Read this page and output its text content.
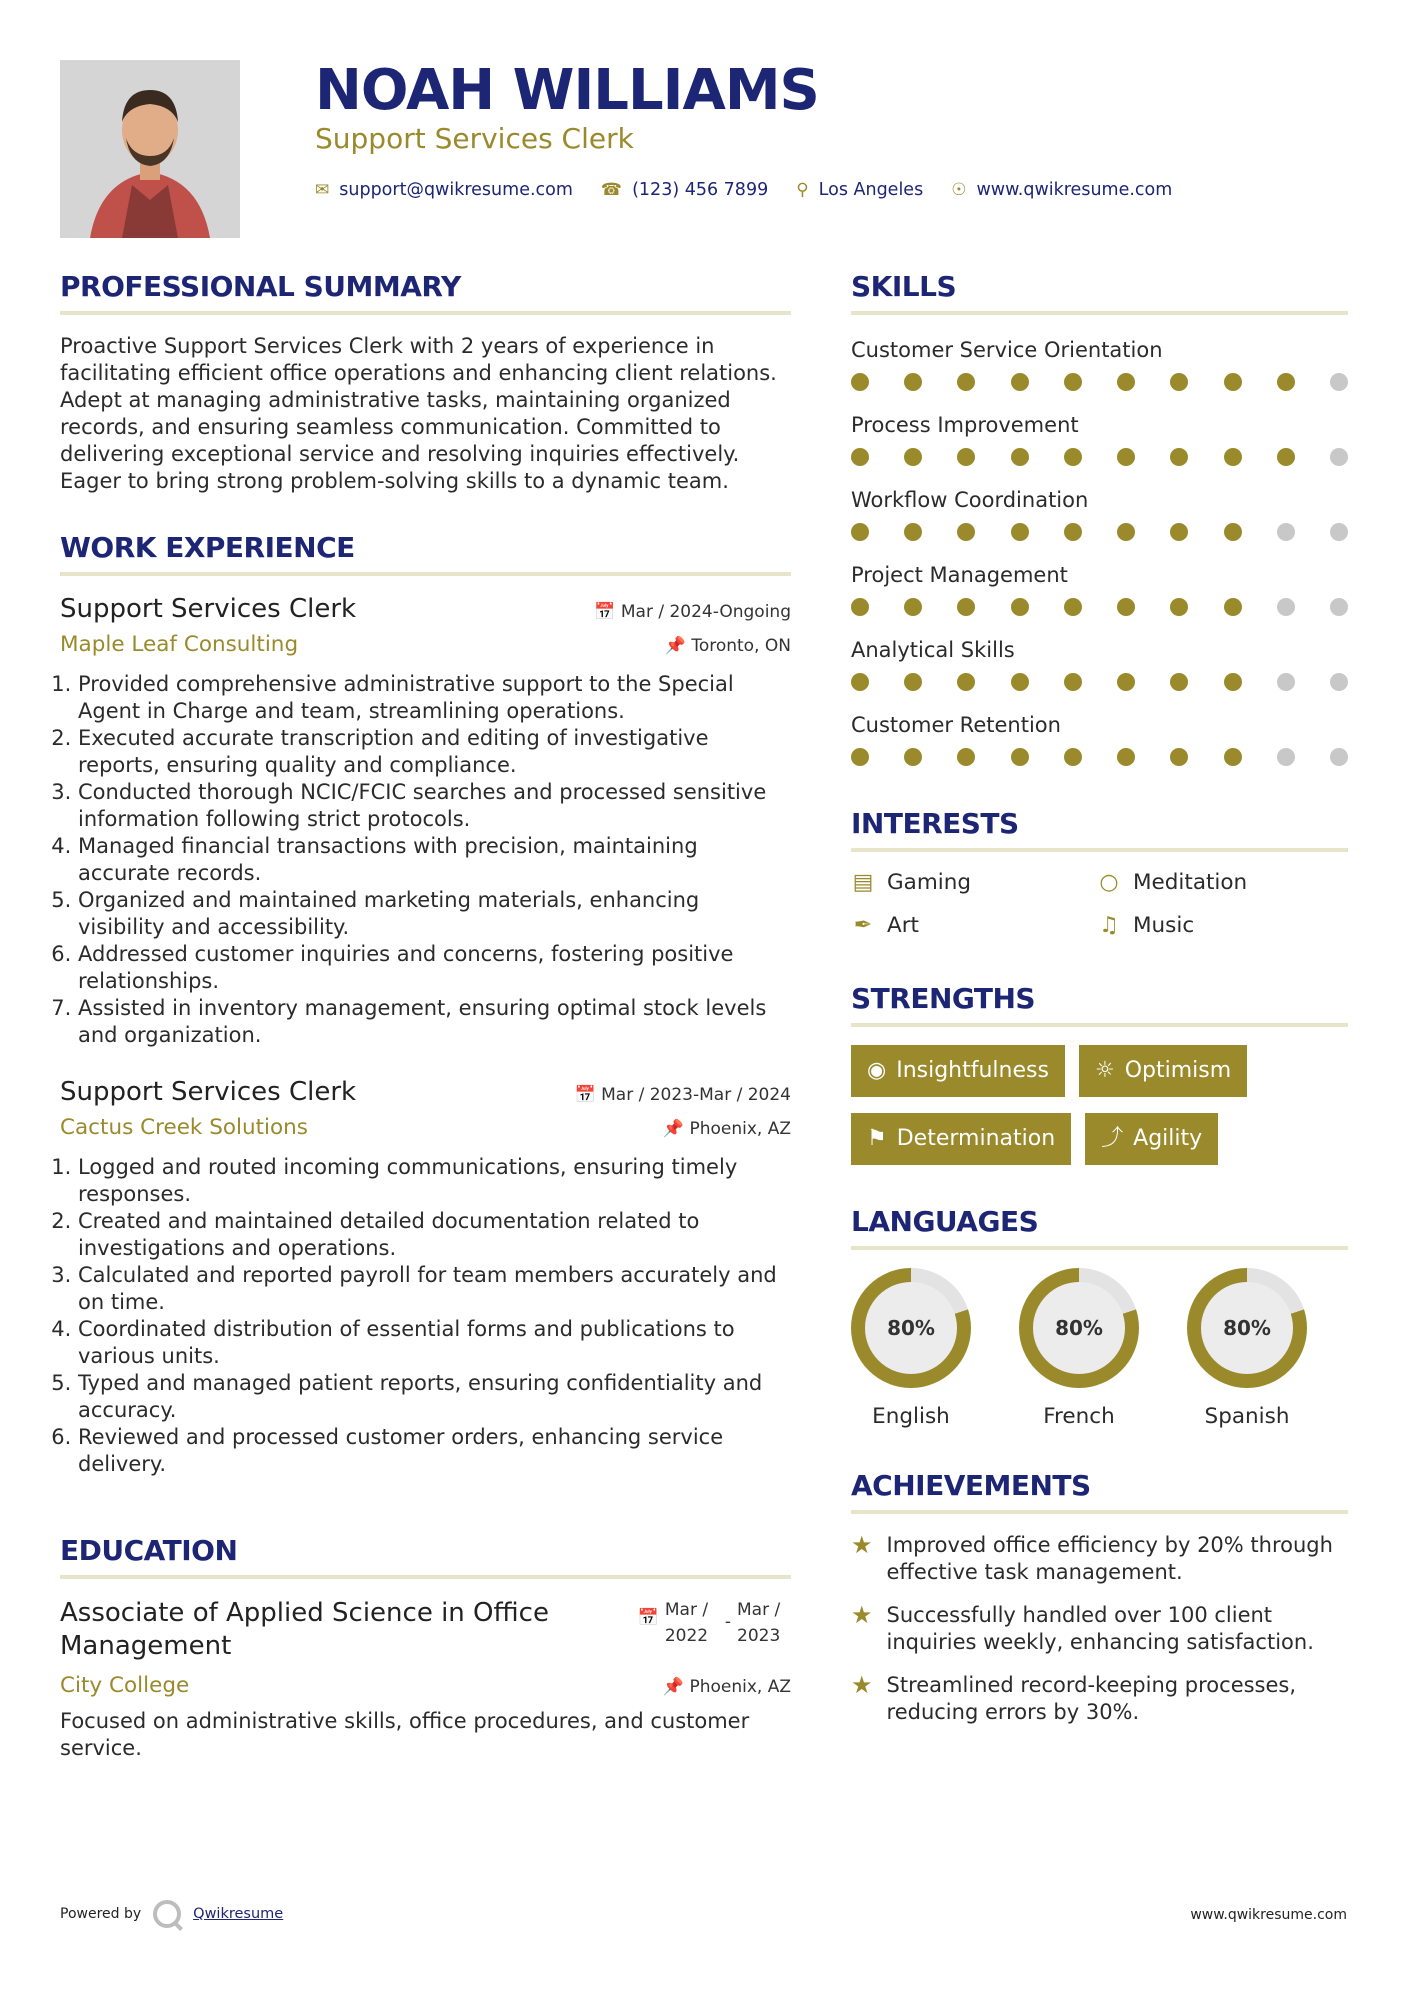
NOAH WILLIAMS
Support Services Clerk
✉ support@qwikresume.com ☎ (123) 456 7899 ⚲ Los Angeles ☉ www.qwikresume.com
PROFESSIONAL SUMMARY

Proactive Support Services Clerk with 2 years of experience in facilitating efficient office operations and enhancing client relations. Adept at managing administrative tasks, maintaining organized records, and ensuring seamless communication. Committed to delivering exceptional service and resolving inquiries effectively. Eager to bring strong problem-solving skills to a dynamic team.

WORK EXPERIENCE
Support Services Clerk	📅 Mar / 2024-Ongoing
Maple Leaf Consulting	📌 Toronto, ON
1. Provided comprehensive administrative support to the Special Agent in Charge and team, streamlining operations.
2. Executed accurate transcription and editing of investigative reports, ensuring quality and compliance.
3. Conducted thorough NCIC/FCIC searches and processed sensitive information following strict protocols.
4. Managed financial transactions with precision, maintaining accurate records.
5. Organized and maintained marketing materials, enhancing visibility and accessibility.
6. Addressed customer inquiries and concerns, fostering positive relationships.
7. Assisted in inventory management, ensuring optimal stock levels and organization.
Support Services Clerk	📅 Mar / 2023-Mar / 2024
Cactus Creek Solutions	📌 Phoenix, AZ
1. Logged and routed incoming communications, ensuring timely responses.
2. Created and maintained detailed documentation related to investigations and operations.
3. Calculated and reported payroll for team members accurately and on time.
4. Coordinated distribution of essential forms and publications to various units.
5. Typed and managed patient reports, ensuring confidentiality and accuracy.
6. Reviewed and processed customer orders, enhancing service delivery.
EDUCATION
Associate of Applied Science in Office Management
📅 Mar /
2022
-
Mar /
2023
City College	📌 Phoenix, AZ

Focused on administrative skills, office procedures, and customer service.

SKILLS
Customer Service Orientation
Process Improvement
Workflow Coordination
Project Management
Analytical Skills
Customer Retention
INTERESTS
▤ Gaming	○ Meditation
✒ Art	♫ Music
STRENGTHS
◉ Insightfulness ☼ Optimism
⚑ Determination ⤴ Agility
LANGUAGES
80%
English
80%
French
80%
Spanish
ACHIEVEMENTS
★ Improved office efficiency by 20% through effective task management.
★ Successfully handled over 100 client inquiries weekly, enhancing satisfaction.
★ Streamlined record-keeping processes, reducing errors by 30%.
Powered by	Qwikresume	www.qwikresume.com
